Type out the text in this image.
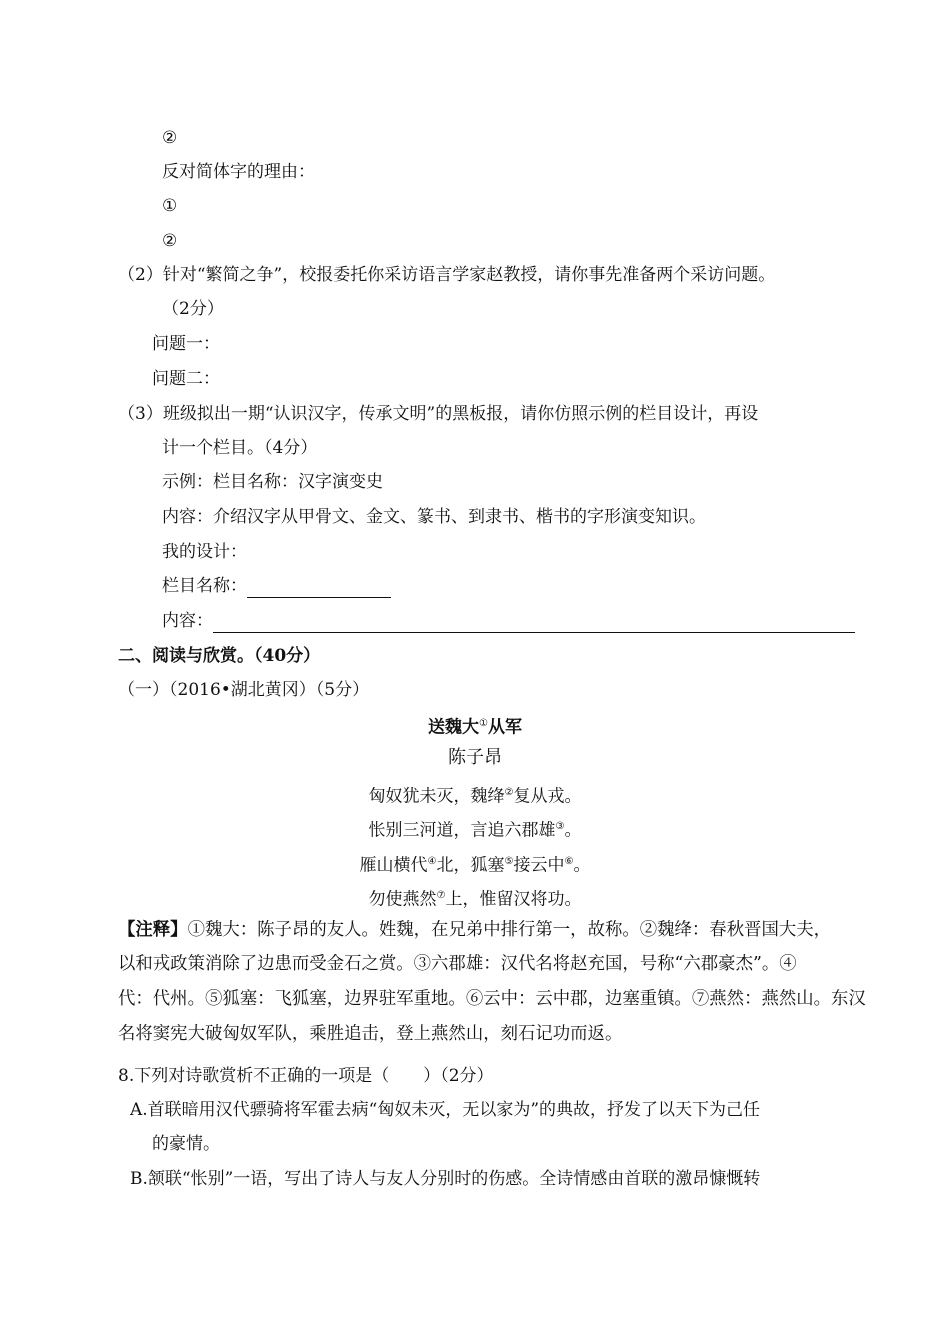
②
反对简体字的理由：
①
②
（2）针对“繁简之争”，校报委托你采访语言学家赵教授，请你事先准备两个采访问题。
（2分）
问题一：
问题二：
（3）班级拟出一期“认识汉字，传承文明”的黑板报，请你仿照示例的栏目设计，再设
计一个栏目。（4分）
示例：栏目名称：汉字演变史
内容：介绍汉字从甲骨文、金文、篆书、到隶书、楷书的字形演变知识。
我的设计：
栏目名称：
内容：
二、阅读与欣赏。（40分）
（一）（2016•湖北黄冈）（5分）
送魏大①从军
陈子昂
匈奴犹未灭，魏绛②复从戎。
怅别三河道，言追六郡雄③。
雁山横代④北，狐塞⑤接云中⑥。
勿使燕然⑦上，惟留汉将功。
【注释】①魏大：陈子昂的友人。姓魏，在兄弟中排行第一，故称。②魏绛：春秋晋国大夫，
以和戎政策消除了边患而受金石之赏。③六郡雄：汉代名将赵充国，号称“六郡豪杰”。④
代：代州。⑤狐塞：飞狐塞，边界驻军重地。⑥云中：云中郡，边塞重镇。⑦燕然：燕然山。东汉
名将窦宪大破匈奴军队，乘胜追击，登上燕然山，刻石记功而返。
8.下列对诗歌赏析不正确的一项是（　　）（2分）
A.首联暗用汉代骠骑将军霍去病“匈奴未灭，无以家为”的典故，抒发了以天下为己任
的豪情。
B.颔联“怅别”一语，写出了诗人与友人分别时的伤感。全诗情感由首联的激昂慷慨转
